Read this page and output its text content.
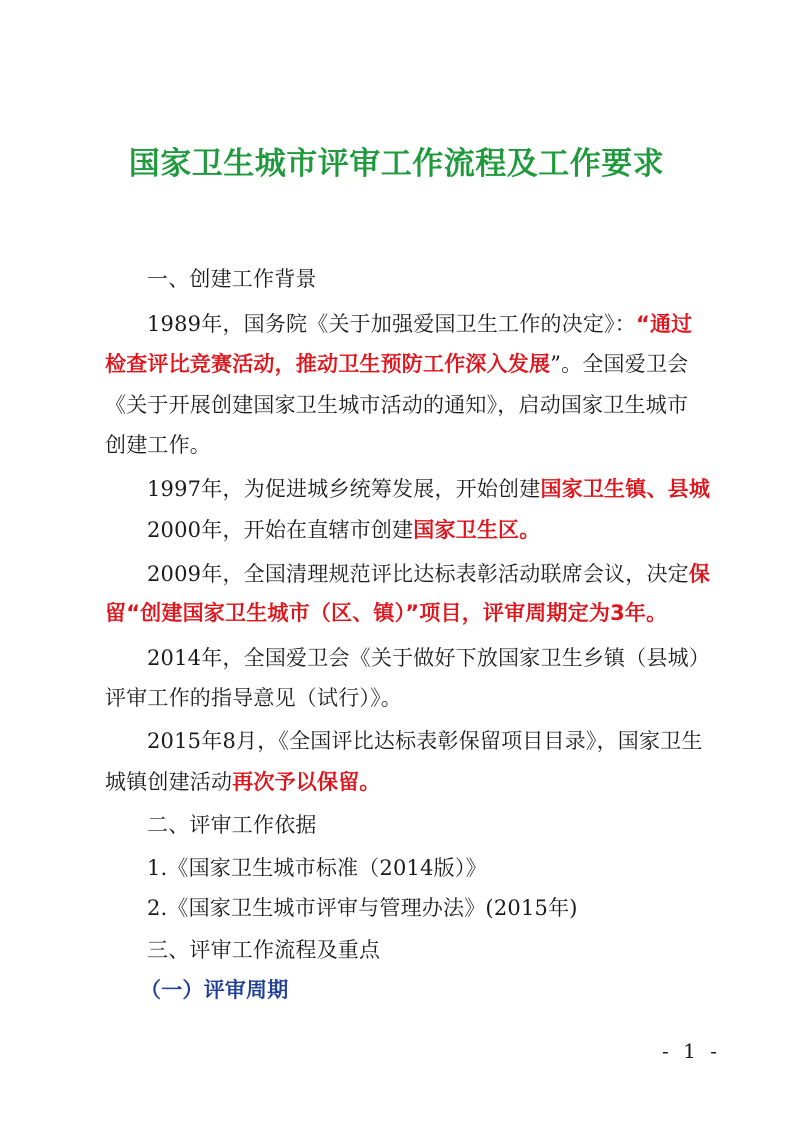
国家卫生城市评审工作流程及工作要求
一、创建工作背景
1989年，国务院《关于加强爱国卫生工作的决定》：“通过
检查评比竞赛活动，推动卫生预防工作深入发展”。全国爱卫会
《关于开展创建国家卫生城市活动的通知》，启动国家卫生城市
创建工作。
1997年，为促进城乡统筹发展，开始创建国家卫生镇、县城
2000年，开始在直辖市创建国家卫生区。
2009年，全国清理规范评比达标表彰活动联席会议，决定保
留“创建国家卫生城市（区、镇）”项目，评审周期定为3年。
2014年，全国爱卫会《关于做好下放国家卫生乡镇（县城）
评审工作的指导意见（试行）》。
2015年8月，《全国评比达标表彰保留项目目录》，国家卫生
城镇创建活动再次予以保留。
二、评审工作依据
1.《国家卫生城市标准（2014版）》
2.《国家卫生城市评审与管理办法》(2015年)
三、评审工作流程及重点
（一）评审周期
- 1 -
